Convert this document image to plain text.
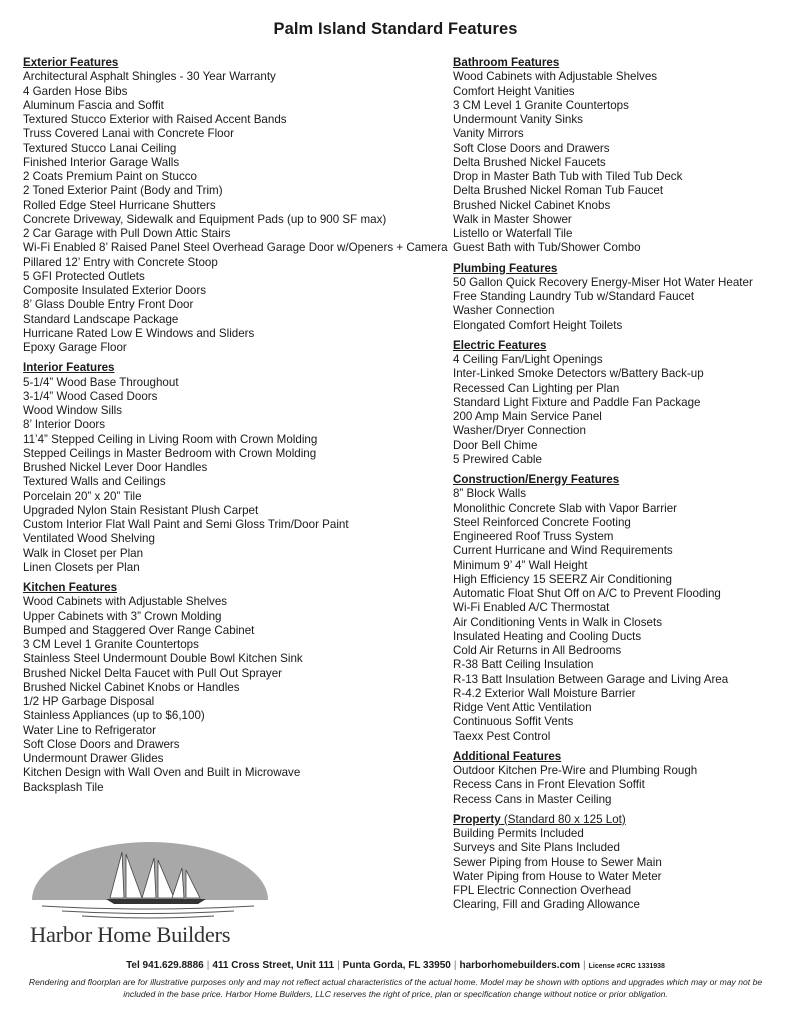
Palm Island Standard Features
Exterior Features
Architectural Asphalt Shingles - 30 Year Warranty
4 Garden Hose Bibs
Aluminum Fascia and Soffit
Textured Stucco Exterior with Raised Accent Bands
Truss Covered Lanai with Concrete Floor
Textured Stucco Lanai Ceiling
Finished Interior Garage Walls
2 Coats Premium Paint on Stucco
2 Toned Exterior Paint (Body and Trim)
Rolled Edge Steel Hurricane Shutters
Concrete Driveway, Sidewalk and Equipment Pads (up to 900 SF max)
2 Car Garage with Pull Down Attic Stairs
Wi-Fi Enabled 8’ Raised Panel Steel Overhead Garage Door w/Openers + Camera
Pillared 12’ Entry with Concrete Stoop
5 GFI Protected Outlets
Composite Insulated Exterior Doors
8’ Glass Double Entry Front Door
Standard Landscape Package
Hurricane Rated Low E Windows and Sliders
Epoxy Garage Floor
Interior Features
5-1/4” Wood Base Throughout
3-1/4” Wood Cased Doors
Wood Window Sills
8’ Interior Doors
11’4” Stepped Ceiling in Living Room with Crown Molding
Stepped Ceilings in Master Bedroom with Crown Molding
Brushed Nickel Lever Door Handles
Textured Walls and Ceilings
Porcelain 20” x 20” Tile
Upgraded Nylon Stain Resistant Plush Carpet
Custom Interior Flat Wall Paint and Semi Gloss Trim/Door Paint
Ventilated Wood Shelving
Walk in Closet per Plan
Linen Closets per Plan
Kitchen Features
Wood Cabinets with Adjustable Shelves
Upper Cabinets with 3” Crown Molding
Bumped and Staggered Over Range Cabinet
3 CM Level 1 Granite Countertops
Stainless Steel Undermount Double Bowl Kitchen Sink
Brushed Nickel Delta Faucet with Pull Out Sprayer
Brushed Nickel Cabinet Knobs or Handles
1/2 HP Garbage Disposal
Stainless Appliances (up to $6,100)
Water Line to Refrigerator
Soft Close Doors and Drawers
Undermount Drawer Glides
Kitchen Design with Wall Oven and Built in Microwave
Backsplash Tile
Bathroom Features
Wood Cabinets with Adjustable Shelves
Comfort Height Vanities
3 CM Level 1 Granite Countertops
Undermount Vanity Sinks
Vanity Mirrors
Soft Close Doors and Drawers
Delta Brushed Nickel Faucets
Drop in Master Bath Tub with Tiled Tub Deck
Delta Brushed Nickel Roman Tub Faucet
Brushed Nickel Cabinet Knobs
Walk in Master Shower
Listello or Waterfall Tile
Guest Bath with Tub/Shower Combo
Plumbing Features
50 Gallon Quick Recovery Energy-Miser Hot Water Heater
Free Standing Laundry Tub w/Standard Faucet
Washer Connection
Elongated Comfort Height Toilets
Electric Features
4 Ceiling Fan/Light Openings
Inter-Linked Smoke Detectors w/Battery Back-up
Recessed Can Lighting per Plan
Standard Light Fixture and Paddle Fan Package
200 Amp Main Service Panel
Washer/Dryer Connection
Door Bell Chime
5 Prewired Cable
Construction/Energy Features
8” Block Walls
Monolithic Concrete Slab with Vapor Barrier
Steel Reinforced Concrete Footing
Engineered Roof Truss System
Current Hurricane and Wind Requirements
Minimum 9’ 4” Wall Height
High Efficiency 15 SEERZ Air Conditioning
Automatic Float Shut Off on A/C to Prevent Flooding
Wi-Fi Enabled A/C Thermostat
Air Conditioning Vents in Walk in Closets
Insulated Heating and Cooling Ducts
Cold Air Returns in All Bedrooms
R-38 Batt Ceiling Insulation
R-13 Batt Insulation Between Garage and Living Area
R-4.2 Exterior Wall Moisture Barrier
Ridge Vent Attic Ventilation
Continuous Soffit Vents
Taexx Pest Control
Additional Features
Outdoor Kitchen Pre-Wire and Plumbing Rough
Recess Cans in Front Elevation Soffit
Recess Cans in Master Ceiling
Property (Standard 80 x 125 Lot)
Building Permits Included
Surveys and Site Plans Included
Sewer Piping from House to Sewer Main
Water Piping from House to Water Meter
FPL Electric Connection Overhead
Clearing, Fill and Grading Allowance
Harbor Home Builders
Tel 941.629.8886 | 411 Cross Street, Unit 111 | Punta Gorda, FL 33950 | harborhomebuilders.com | License #CRC 1331938
Rendering and floorplan are for illustrative purposes only and may not reflect actual characteristics of the actual home. Model may be shown with options and upgrades which may or may not be included in the base price. Harbor Home Builders, LLC reserves the right of price, plan or specification change without notice or prior obligation.
